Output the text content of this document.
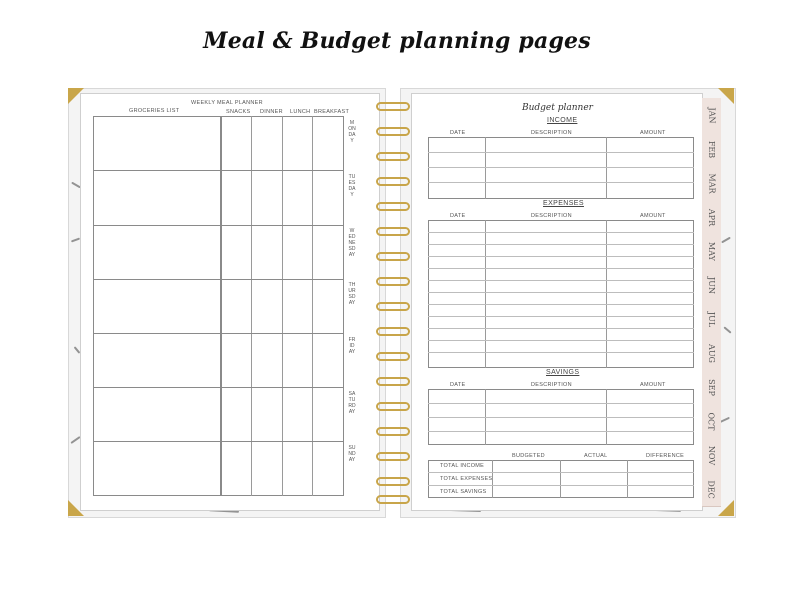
Meal & Budget planning pages
WEEKLY MEAL PLANNER
GROCERIES LIST	SNACKS DINNER LUNCH BREAKFAST
MONDAY
TUESDAY
WEDNESDAY
THURSDAY
FRIDAY
SATURDAY
SUNDAY
Budget planner
INCOME
DATE	DESCRIPTION	AMOUNT
EXPENSES
DATE	DESCRIPTION	AMOUNT
SAVINGS
DATE	DESCRIPTION	AMOUNT
BUDGETED	ACTUAL	DIFFERENCE
TOTAL INCOME
TOTAL EXPENSES
TOTAL SAVINGS
JAN
FEB
MAR
APR
MAY
JUN
JUL
AUG
SEP
OCT
NOV
DEC
